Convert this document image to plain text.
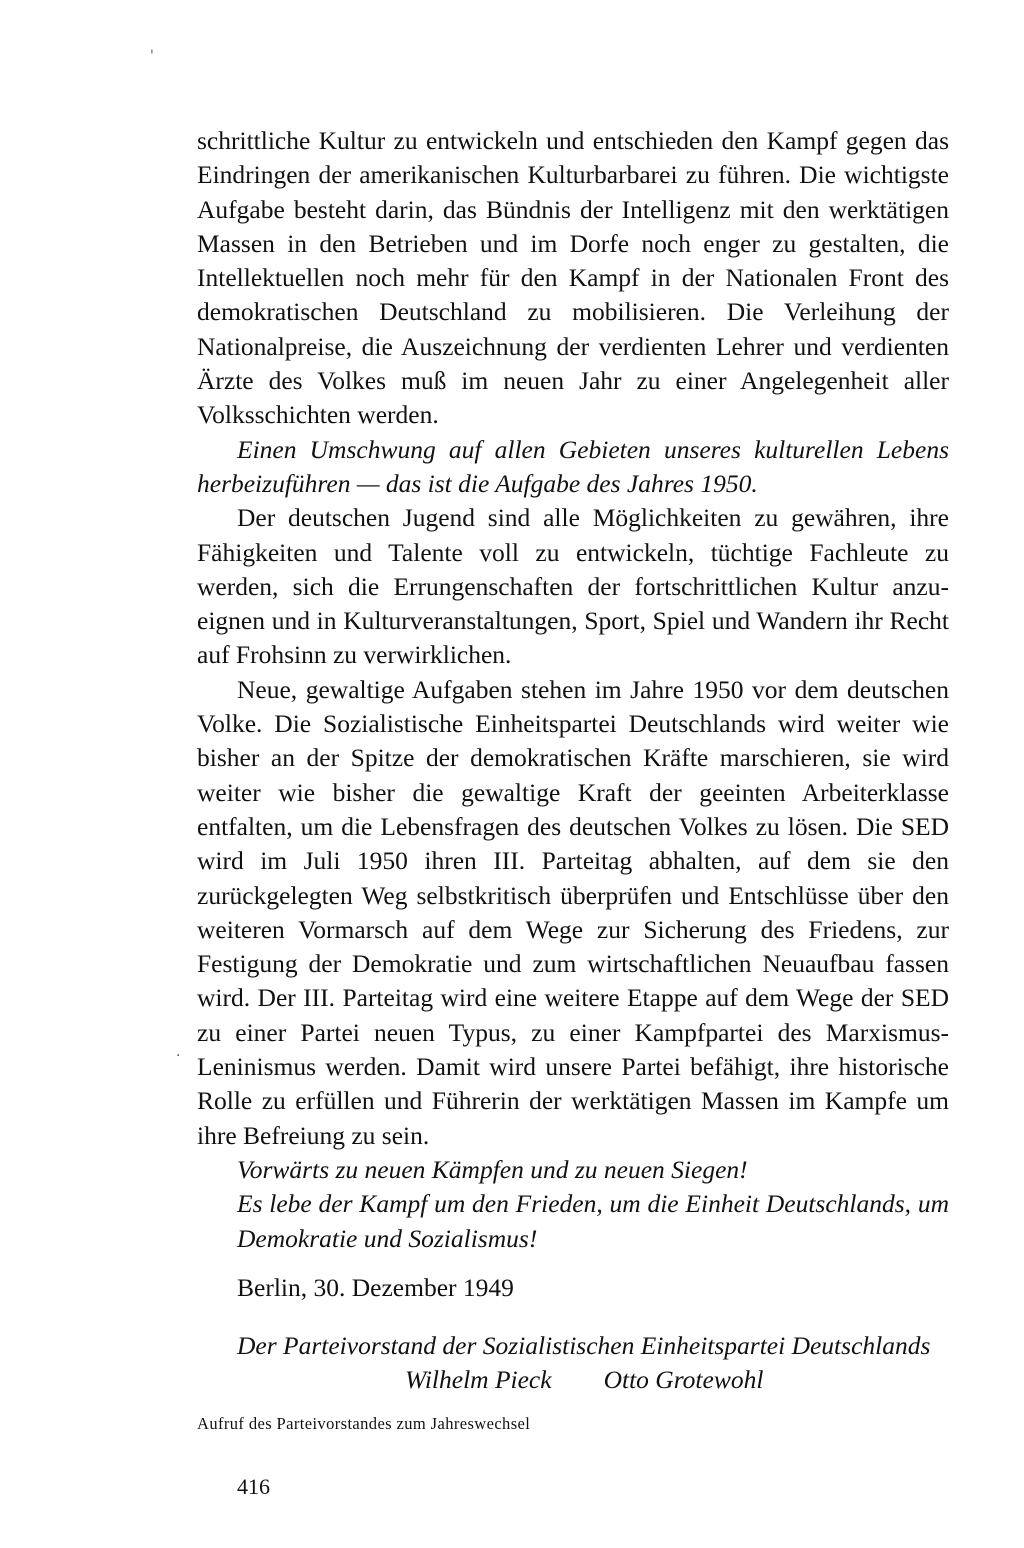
schrittliche Kultur zu entwickeln und entschieden den Kampf gegen das Eindringen der amerikanischen Kulturbarbarei zu führen. Die wichtigste Aufgabe besteht darin, das Bündnis der Intelligenz mit den werktätigen Massen in den Betrieben und im Dorfe noch enger zu gestalten, die Intellektuellen noch mehr für den Kampf in der Nationalen Front des demokratischen Deutschland zu mobilisieren. Die Verleihung der Nationalpreise, die Auszeichnung der verdienten Lehrer und verdienten Ärzte des Volkes muß im neuen Jahr zu einer Angelegenheit aller Volksschichten werden.

Einen Umschwung auf allen Gebieten unseres kulturellen Lebens herbeizuführen — das ist die Aufgabe des Jahres 1950.

Der deutschen Jugend sind alle Möglichkeiten zu gewähren, ihre Fähigkeiten und Talente voll zu entwickeln, tüchtige Fachleute zu werden, sich die Errungenschaften der fortschrittlichen Kultur anzueignen und in Kulturveranstaltungen, Sport, Spiel und Wandern ihr Recht auf Frohsinn zu verwirklichen.

Neue, gewaltige Aufgaben stehen im Jahre 1950 vor dem deutschen Volke. Die Sozialistische Einheitspartei Deutschlands wird weiter wie bisher an der Spitze der demokratischen Kräfte marschieren, sie wird weiter wie bisher die gewaltige Kraft der geeinten Arbeiterklasse entfalten, um die Lebensfragen des deutschen Volkes zu lösen. Die SED wird im Juli 1950 ihren III. Parteitag abhalten, auf dem sie den zurückgelegten Weg selbstkritisch überprüfen und Entschlüsse über den weiteren Vormarsch auf dem Wege zur Sicherung des Friedens, zur Festigung der Demokratie und zum wirtschaftlichen Neuaufbau fassen wird. Der III. Parteitag wird eine weitere Etappe auf dem Wege der SED zu einer Partei neuen Typus, zu einer Kampfpartei des Marxismus-Leninismus werden. Damit wird unsere Partei befähigt, ihre historische Rolle zu erfüllen und Führerin der werktätigen Massen im Kampfe um ihre Befreiung zu sein.

Vorwärts zu neuen Kämpfen und zu neuen Siegen!

Es lebe der Kampf um den Frieden, um die Einheit Deutschlands, um Demokratie und Sozialismus!

Berlin, 30. Dezember 1949

Der Parteivorstand der Sozialistischen Einheitspartei Deutschlands

Wilhelm Pieck Otto Grotewohl

Aufruf des Parteivorstandes zum Jahreswechsel

416

'
.
